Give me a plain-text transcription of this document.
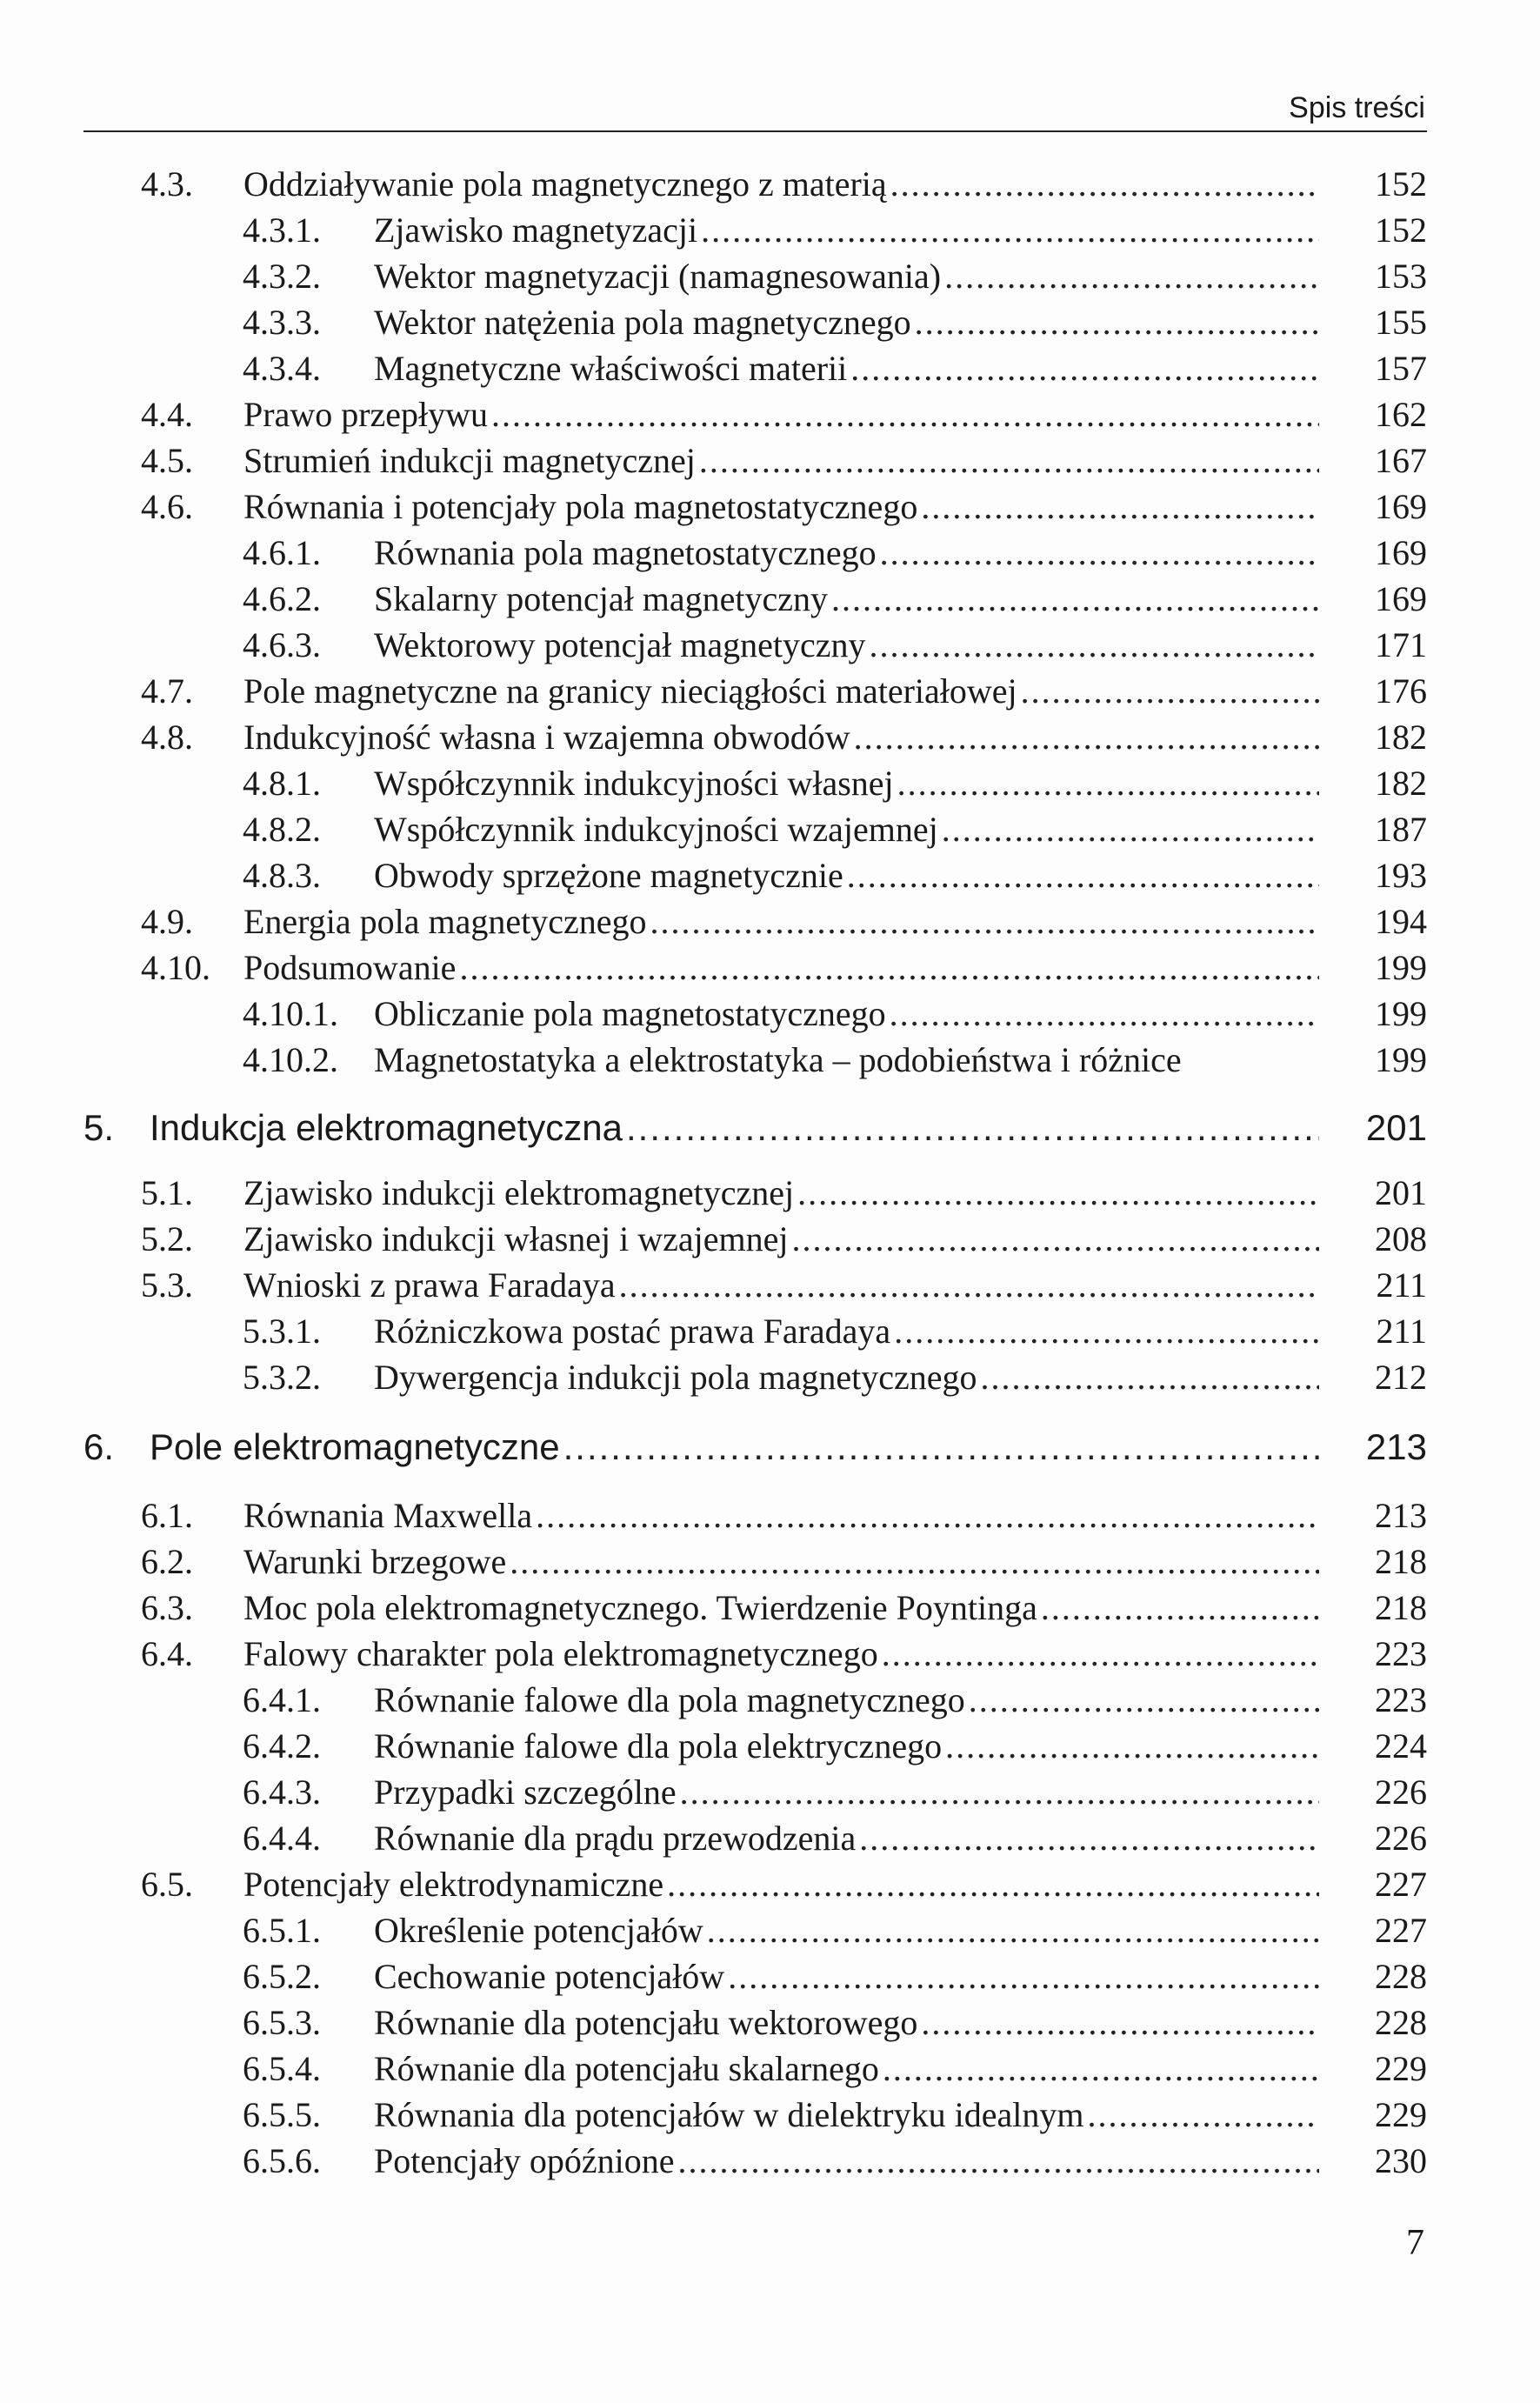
Spis treści
4.3. Oddziaływanie pola magnetycznego z materią .....	152
4.3.1. Zjawisko magnetyzacji .....	152
4.3.2. Wektor magnetyzacji (namagnesowania) .....	153
4.3.3. Wektor natężenia pola magnetycznego .....	155
4.3.4. Magnetyczne właściwości materii .....	157
4.4. Prawo przepływu .....	162
4.5. Strumień indukcji magnetycznej .....	167
4.6. Równania i potencjały pola magnetostatycznego .....	169
4.6.1. Równania pola magnetostatycznego .....	169
4.6.2. Skalarny potencjał magnetyczny .....	169
4.6.3. Wektorowy potencjał magnetyczny .....	171
4.7. Pole magnetyczne na granicy nieciągłości materiałowej .....	176
4.8. Indukcyjność własna i wzajemna obwodów .....	182
4.8.1. Współczynnik indukcyjności własnej .....	182
4.8.2. Współczynnik indukcyjności wzajemnej .....	187
4.8.3. Obwody sprzężone magnetycznie .....	193
4.9. Energia pola magnetycznego .....	194
4.10. Podsumowanie .....	199
4.10.1. Obliczanie pola magnetostatycznego .....	199
4.10.2. Magnetostatyka a elektrostatyka – podobieństwa i różnice	199
5. Indukcja elektromagnetyczna .....	201
5.1. Zjawisko indukcji elektromagnetycznej .....	201
5.2. Zjawisko indukcji własnej i wzajemnej .....	208
5.3. Wnioski z prawa Faradaya .....	211
5.3.1. Różniczkowa postać prawa Faradaya .....	211
5.3.2. Dywergencja indukcji pola magnetycznego .....	212
6. Pole elektromagnetyczne .....	213
6.1. Równania Maxwella .....	213
6.2. Warunki brzegowe .....	218
6.3. Moc pola elektromagnetycznego. Twierdzenie Poyntinga .....	218
6.4. Falowy charakter pola elektromagnetycznego .....	223
6.4.1. Równanie falowe dla pola magnetycznego .....	223
6.4.2. Równanie falowe dla pola elektrycznego .....	224
6.4.3. Przypadki szczególne .....	226
6.4.4. Równanie dla prądu przewodzenia .....	226
6.5. Potencjały elektrodynamiczne .....	227
6.5.1. Określenie potencjałów .....	227
6.5.2. Cechowanie potencjałów .....	228
6.5.3. Równanie dla potencjału wektorowego .....	228
6.5.4. Równanie dla potencjału skalarnego .....	229
6.5.5. Równania dla potencjałów w dielektryku idealnym .....	229
6.5.6. Potencjały opóźnione .....	230
7
